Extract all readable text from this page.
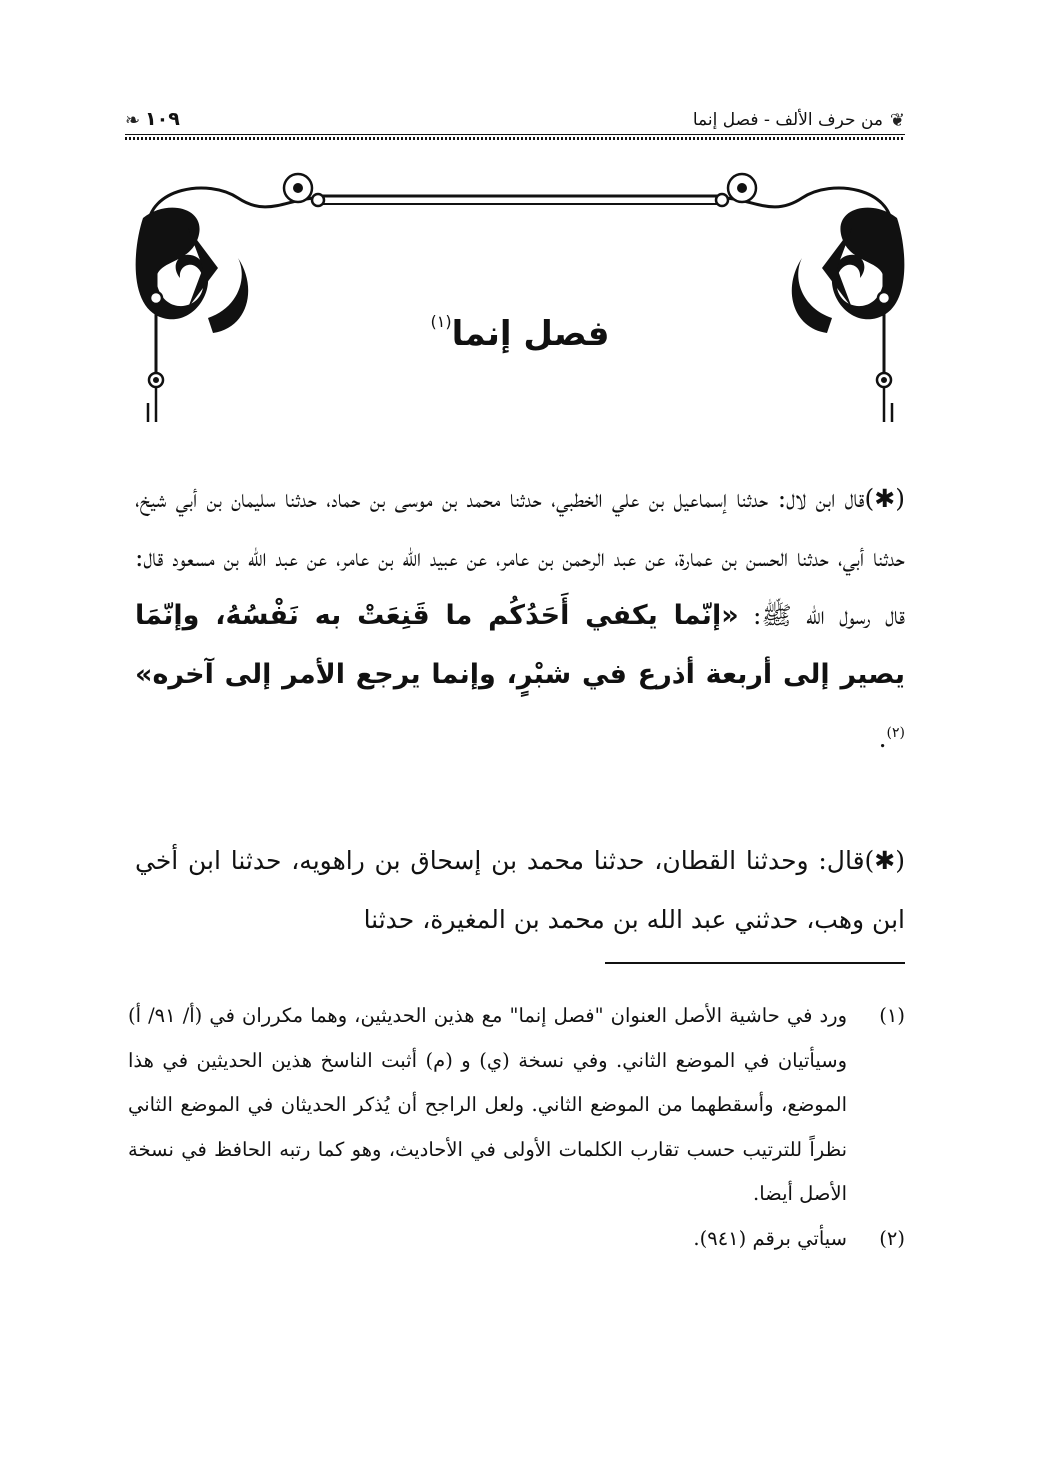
❦
من حرف الألف - فصل إنما
١٠٩
❧
فصل إنما$^{(١)}$
(✱)قال ابن لال: حدثنا إسماعيل بن علي الخطبي، حدثنا محمد بن موسى بن حماد، حدثنا سليمان بن أبي شيخ، حدثنا أبي، حدثنا الحسن بن عمارة، عن عبد الرحمن بن عامر، عن عبيد الله بن عامر، عن عبد الله بن مسعود قال: قال رسول الله ﷺ: «إنّما يكفي أَحَدُكُم ما قَنِعَتْ به نَفْسُهُ، وإنّمَا يصير إلى أربعة أذرع في شبْرٍ، وإنما يرجع الأمر إلى آخره» $^{(٢)}$.
(✱)قال: وحدثنا القطان، حدثنا محمد بن إسحاق بن راهويه، حدثنا ابن أخي ابن وهب، حدثني عبد الله بن محمد بن المغيرة، حدثنا
(١)
ورد في حاشية الأصل العنوان "فصل إنما" مع هذين الحديثين، وهما مكرران في (أ/ ٩١/ أ) وسيأتيان في الموضع الثاني. وفي نسخة (ي) و (م) أثبت الناسخ هذين الحديثين في هذا الموضع، وأسقطهما من الموضع الثاني. ولعل الراجح أن يُذكر الحديثان في الموضع الثاني نظراً للترتيب حسب تقارب الكلمات الأولى في الأحاديث، وهو كما رتبه الحافظ في نسخة الأصل أيضا.
(٢)
سيأتي برقم (٩٤١).
